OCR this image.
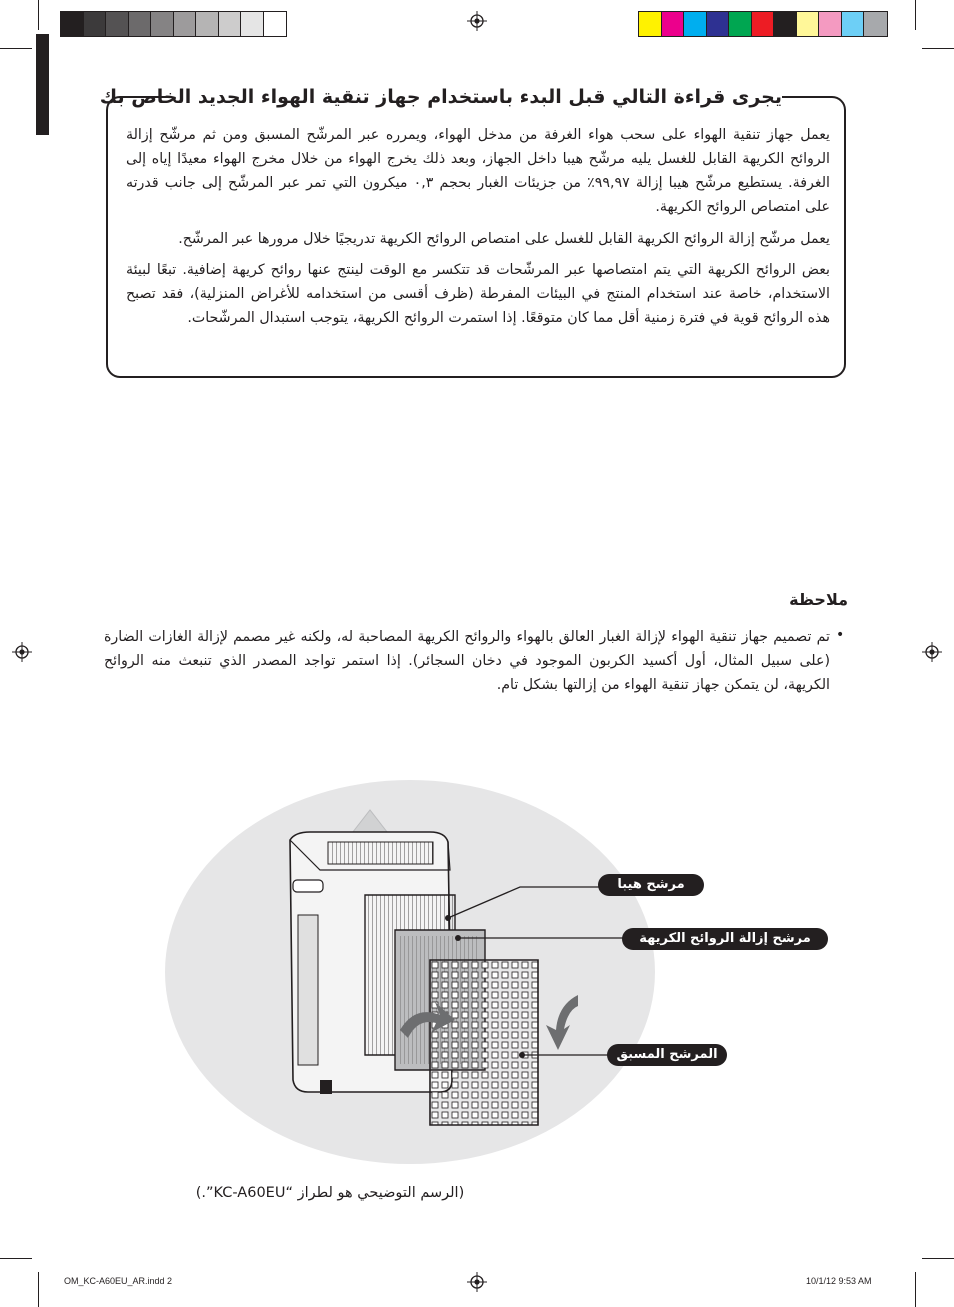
يجرى قراءة التالي قبل البدء باستخدام جهاز تنقية الهواء الجديد الخاص بك
يعمل جهاز تنقية الهواء على سحب هواء الغرفة من مدخل الهواء، ويمرره عبر المرشّح المسبق ومن ثم مرشّح إزالة الروائح الكريهة القابل للغسل يليه مرشّح هيبا داخل الجهاز، وبعد ذلك يخرج الهواء من خلال مخرج الهواء معيدًا إياه إلى الغرفة. يستطيع مرشّح هيبا إزالة ٩٩,٩٧٪ من جزيئات الغبار بحجم ٠,٣ ميكرون التي تمر عبر المرشّح إلى جانب قدرته على امتصاص الروائح الكريهة.
يعمل مرشّح إزالة الروائح الكريهة القابل للغسل على امتصاص الروائح الكريهة تدريجيًا خلال مرورها عبر المرشّح.
بعض الروائح الكريهة التي يتم امتصاصها عبر المرشّحات قد تتكسر مع الوقت لينتج عنها روائح كريهة إضافية. تبعًا لبيئة الاستخدام، خاصة عند استخدام المنتج في البيئات المفرطة (ظرف أقسى من استخدامه للأغراض المنزلية)، فقد تصبح هذه الروائح قوية في فترة زمنية أقل مما كان متوقعًا. إذا استمرت الروائح الكريهة، يتوجب استبدال المرشّحات.
ملاحظة
•
تم تصميم جهاز تنقية الهواء لإزالة الغبار العالق بالهواء والروائح الكريهة المصاحبة له، ولكنه غير مصمم لإزالة الغازات الضارة (على سبيل المثال، أول أكسيد الكربون الموجود في دخان السجائر). إذا استمر تواجد المصدر الذي تنبعث منه الروائح الكريهة، لن يتمكن جهاز تنقية الهواء من إزالتها بشكل تام.
مرشح هيبا
مرشح إزالة الروائح الكريهة
المرشح المسبق
(الرسم التوضيحي هو لطراز “KC-A60EU”.)
OM_KC-A60EU_AR.indd 2	10/1/12 9:53 AM
